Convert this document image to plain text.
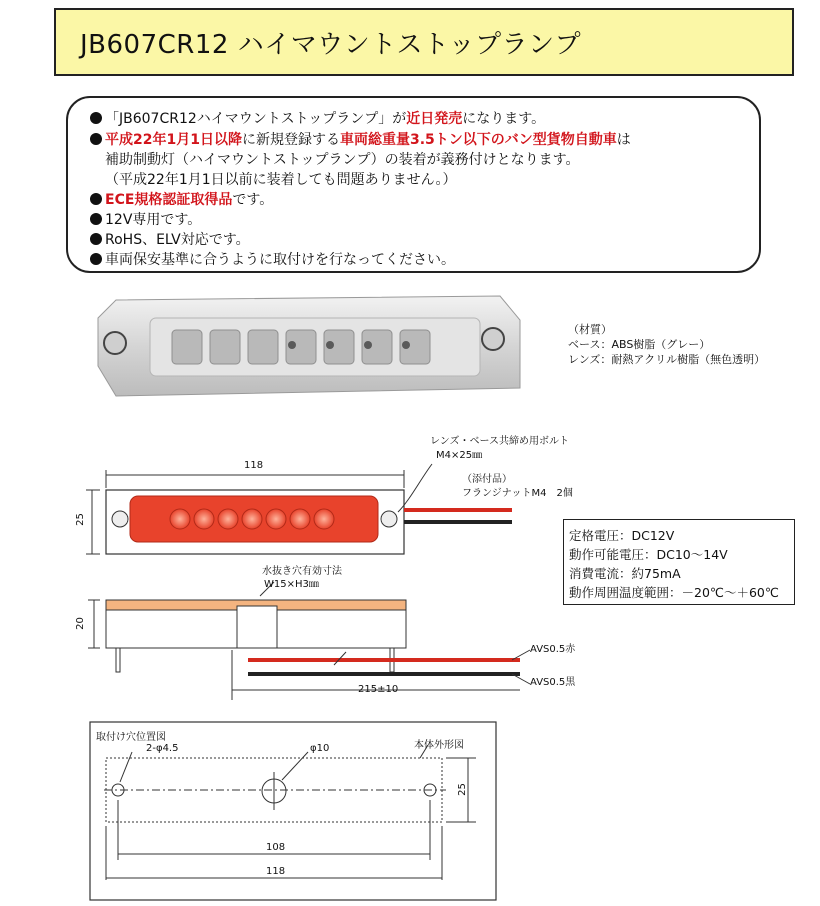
JB607CR12 ハイマウントストップランプ
「JB607CR12ハイマウントストップランプ」が近日発売になります。
平成22年1月1日以降に新規登録する車両総重量3.5トン以下のバン型貨物自動車は
補助制動灯（ハイマウントストップランプ）の装着が義務付けとなります。
（平成22年1月1日以前に装着しても問題ありません。）
ECE規格認証取得品です。
12V専用です。
RoHS、ELV対応です。
車両保安基準に合うように取付けを行なってください。
（材質）
ベース：ABS樹脂（グレー）
レンズ：耐熱アクリル樹脂（無色透明）
レンズ・ベース共締め用ボルト
M4×25㎜
（添付品）
フランジナットM4　2個
118
25
水抜き穴有効寸法
W15×H3㎜
20
AVS0.5赤
AVS0.5黒
215±10
取付け穴位置図
2-φ4.5	φ10	本体外形図
25
108
118
定格電圧：DC12V
動作可能電圧：DC10～14V
消費電流：約75mA
動作周囲温度範囲：－20℃～＋60℃
